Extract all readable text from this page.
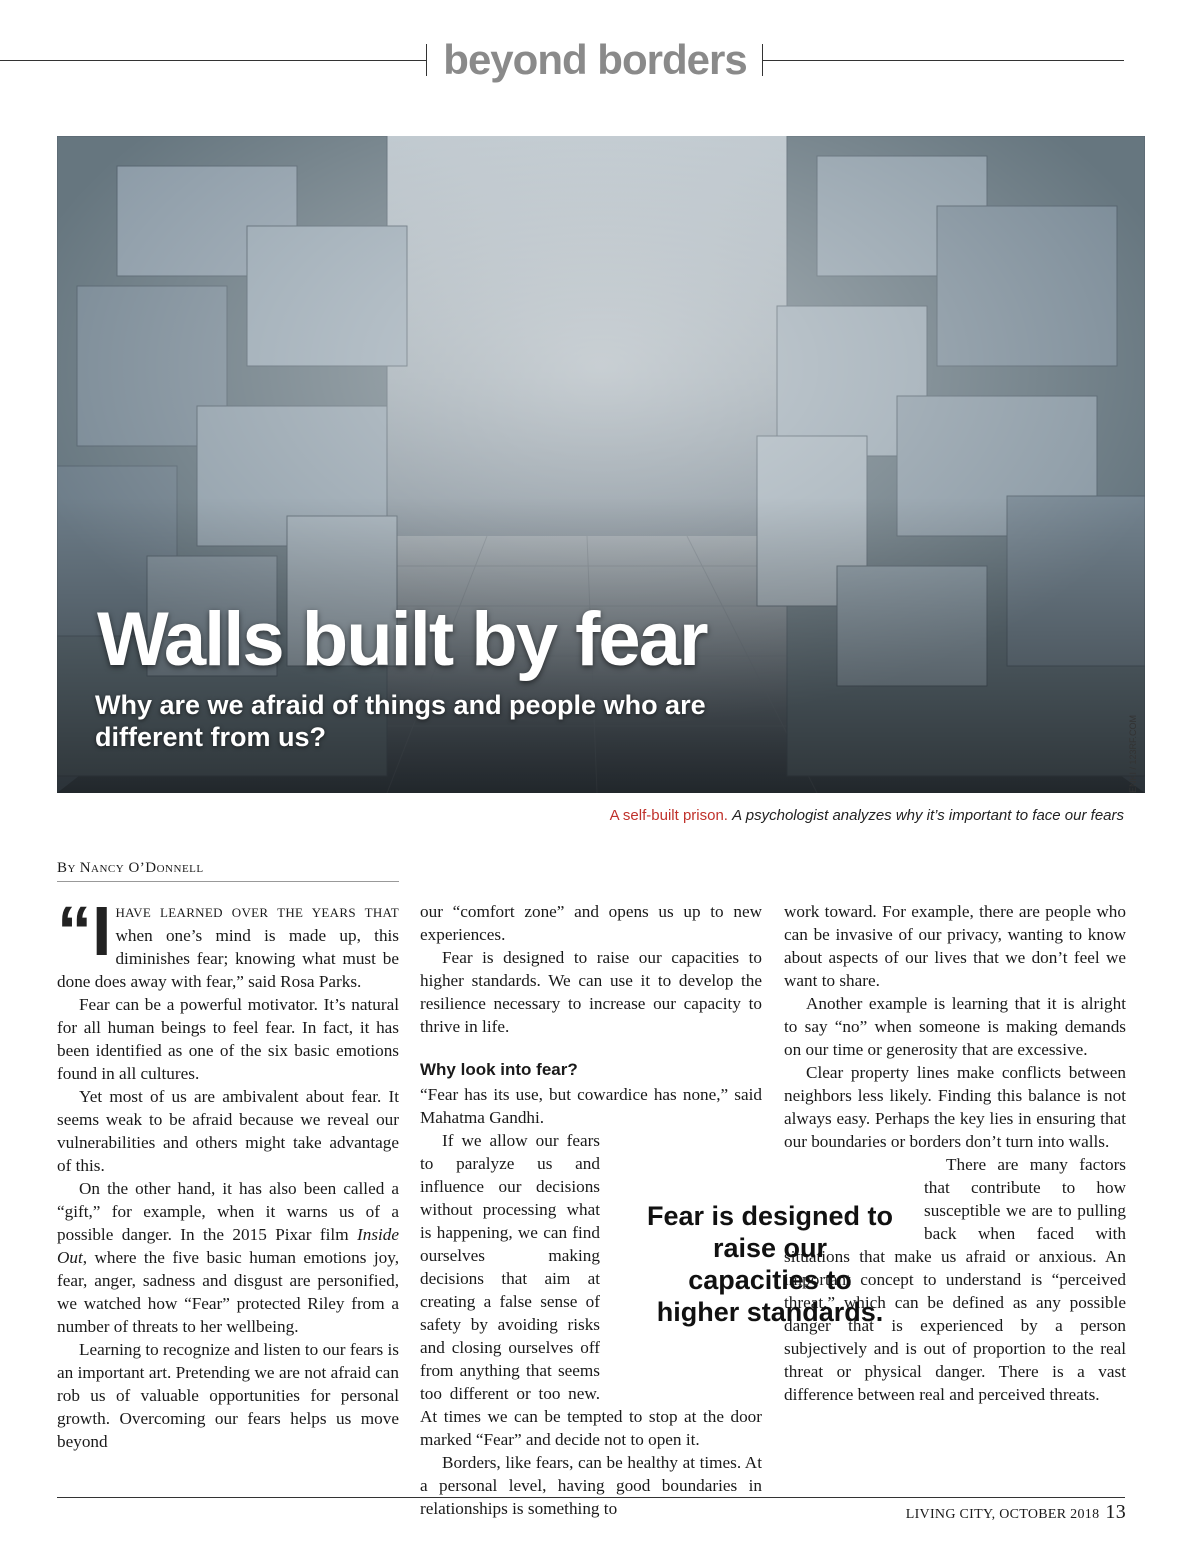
beyond borders
Walls built by fear
Why are we afraid of things and people who are different from us?	ENKI / 123RF.COM
A self-built prison. A psychologist analyzes why it’s important to face our fears
By Nancy O’Donnell

“IHAVE LEARNED OVER THE YEARS THAT when one’s mind is made up, this diminishes fear; knowing what must be done does away with fear,” said Rosa Parks.

Fear can be a powerful motivator. It’s natural for all human beings to feel fear. In fact, it has been identified as one of the six basic emotions found in all cultures.

Yet most of us are ambivalent about fear. It seems weak to be afraid because we reveal our vulnerabilities and others might take advantage of this.

On the other hand, it has also been called a “gift,” for example, when it warns us of a possible danger. In the 2015 Pixar film Inside Out, where the five basic human emotions joy, fear, anger, sadness and disgust are personified, we watched how “Fear” protected Riley from a number of threats to her wellbeing.

Learning to recognize and listen to our fears is an important art. Pretending we are not afraid can rob us of valuable opportunities for personal growth. Overcoming our fears helps us move beyond

our “comfort zone” and opens us up to new experiences.

Fear is designed to raise our capacities to higher standards. We can use it to develop the resilience necessary to increase our capacity to thrive in life.

Why look into fear?

“Fear has its use, but cowardice has none,” said Mahatma Gandhi.

If we allow our fears to paralyze us and influence our decisions without processing what is happening, we can find ourselves making decisions that aim at creating a false sense of safety by avoiding risks and closing ourselves off from anything that seems too different or too new. At times we can be tempted to stop at the door marked “Fear” and decide not to open it.

Borders, like fears, can be healthy at times. At a personal level, having good boundaries in relationships is something to

work toward. For example, there are people who can be invasive of our privacy, wanting to know about aspects of our lives that we don’t feel we want to share.

Another example is learning that it is alright to say “no” when someone is making demands on our time or generosity that are excessive.

Clear property lines make conflicts between neighbors less likely. Finding this balance is not always easy. Perhaps the key lies in ensuring that our boundaries or borders don’t turn into walls.

There are many factors that contribute to how susceptible we are to pulling back when faced with situations that make us afraid or anxious. An important concept to understand is “perceived threat,” which can be defined as any possible danger that is experienced by a person subjectively and is out of proportion to the real threat or physical danger. There is a vast difference between real and perceived threats.

Fear is designed to raise our capacities to higher standards.
LIVING CITY, OCTOBER 2018 13
